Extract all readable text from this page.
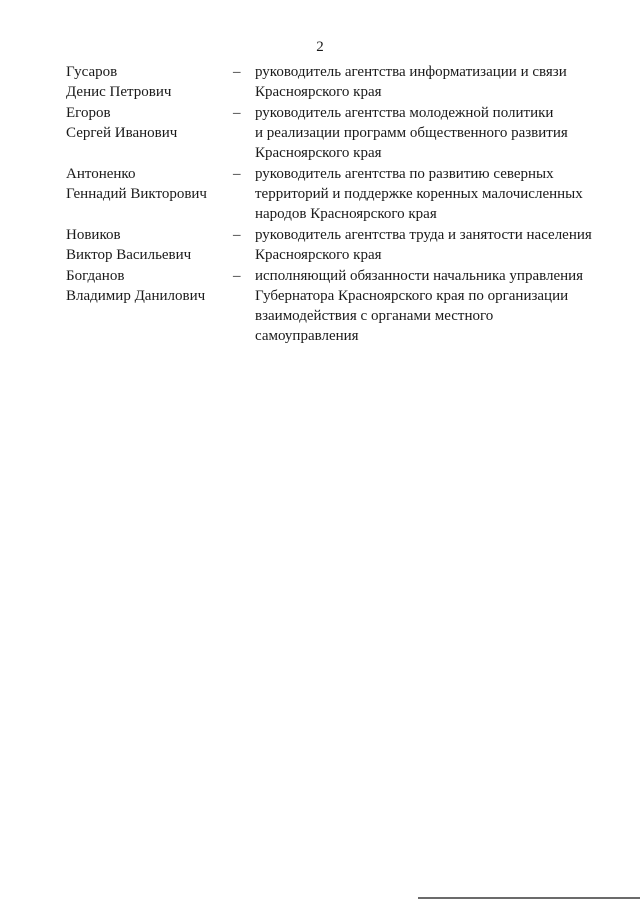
2
Гусаров
Денис Петрович
– руководитель агентства информатизации и связи
Красноярского края
Егоров
Сергей Иванович
– руководитель агентства молодежной политики
и реализации программ общественного развития
Красноярского края
Антоненко
Геннадий Викторович
– руководитель агентства по развитию северных
территорий и поддержке коренных малочисленных
народов Красноярского края
Новиков
Виктор Васильевич
– руководитель агентства труда и занятости населения
Красноярского края
Богданов
Владимир Данилович
– исполняющий обязанности начальника управления
Губернатора Красноярского края по организации
взаимодействия с органами местного
самоуправления
